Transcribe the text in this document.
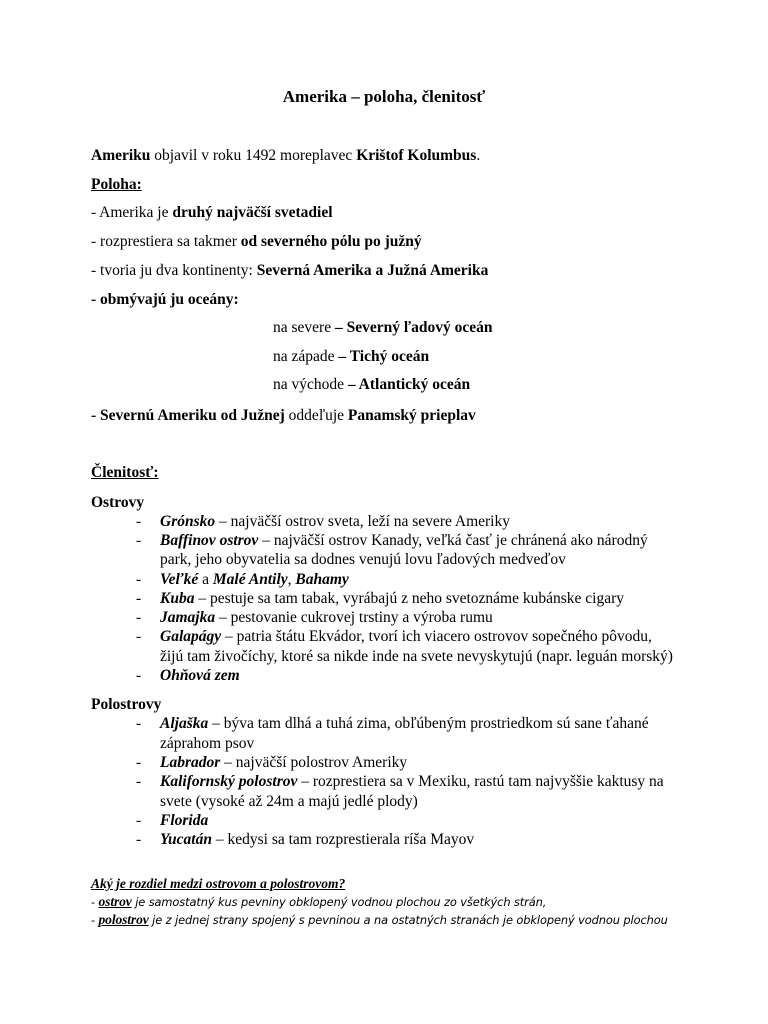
Amerika – poloha, členitosť
Ameriku objavil v roku 1492 moreplavec Krištof Kolumbus.
Poloha:
- Amerika je druhý najväčší svetadiel
- rozprestiera sa takmer od severného pólu po južný
- tvoria ju dva kontinenty: Severná Amerika a Južná Amerika
- obmývajú ju oceány:
na severe – Severný ľadový oceán
na západe – Tichý oceán
na východe – Atlantický oceán
- Severnú Ameriku od Južnej oddeľuje Panamský prieplav
Členitosť:
Ostrovy
- Grónsko – najväčší ostrov sveta, leží na severe Ameriky
- Baffinov ostrov – najväčší ostrov Kanady, veľká časť je chránená ako národný
park, jeho obyvatelia sa dodnes venujú lovu ľadových medveďov
- Veľké a Malé Antily, Bahamy
- Kuba – pestuje sa tam tabak, vyrábajú z neho svetoznáme kubánske cigary
- Jamajka – pestovanie cukrovej trstiny a výroba rumu
- Galapágy – patria štátu Ekvádor, tvorí ich viacero ostrovov sopečného pôvodu,
žijú tam živočíchy, ktoré sa nikde inde na svete nevyskytujú (napr. leguán morský)
- Ohňová zem
Polostrovy
- Aljaška – býva tam dlhá a tuhá zima, obľúbeným prostriedkom sú sane ťahané
záprahom psov
- Labrador – najväčší polostrov Ameriky
- Kalifornský polostrov – rozprestiera sa v Mexiku, rastú tam najvyššie kaktusy na
svete (vysoké až 24m a majú jedlé plody)
- Florida
- Yucatán – kedysi sa tam rozprestierala ríša Mayov
Aký je rozdiel medzi ostrovom a polostrovom?
- ostrov je samostatný kus pevniny obklopený vodnou plochou zo všetkých strán,
- polostrov je z jednej strany spojený s pevninou a na ostatných stranách je obklopený vodnou plochou
